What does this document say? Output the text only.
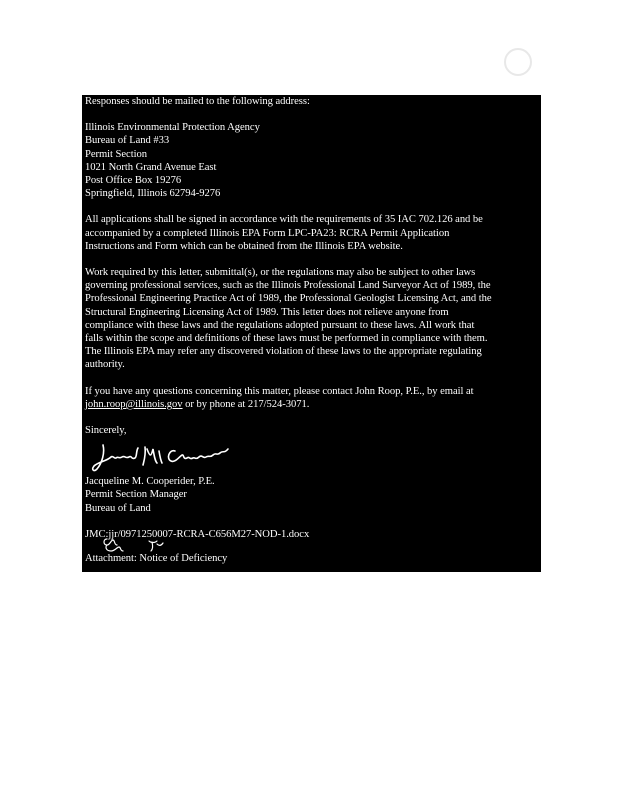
Responses should be mailed to the following address:
Illinois Environmental Protection Agency
Bureau of Land #33
Permit Section
1021 North Grand Avenue East
Post Office Box 19276
Springfield, Illinois 62794-9276
All applications shall be signed in accordance with the requirements of 35 IAC 702.126 and be
accompanied by a completed Illinois EPA Form LPC-PA23: RCRA Permit Application
Instructions and Form which can be obtained from the Illinois EPA website.
Work required by this letter, submittal(s), or the regulations may also be subject to other laws
governing professional services, such as the Illinois Professional Land Surveyor Act of 1989, the
Professional Engineering Practice Act of 1989, the Professional Geologist Licensing Act, and the
Structural Engineering Licensing Act of 1989. This letter does not relieve anyone from
compliance with these laws and the regulations adopted pursuant to these laws. All work that
falls within the scope and definitions of these laws must be performed in compliance with them.
The Illinois EPA may refer any discovered violation of these laws to the appropriate regulating
authority.
If you have any questions concerning this matter, please contact John Roop, P.E., by email at
john.roop@illinois.gov or by phone at 217/524-3071.
Sincerely,
Jacqueline M. Cooperider, P.E.
Permit Section Manager
Bureau of Land
JMC:jjr/0971250007-RCRA-C656M27-NOD-1.docx
Attachment: Notice of Deficiency
